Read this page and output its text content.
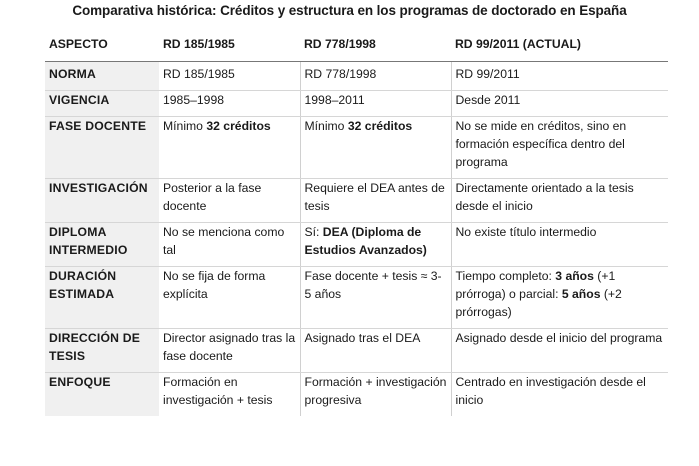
Comparativa histórica: Créditos y estructura en los programas de doctorado en España
ASPECTO	RD 185/1985	RD 778/1998	RD 99/2011 (ACTUAL)
NORMA	RD 185/1985	RD 778/1998	RD 99/2011
VIGENCIA	1985–1998	1998–2011	Desde 2011
FASE DOCENTE	Mínimo 32 créditos	Mínimo 32 créditos	No se mide en créditos, sino en formación específica dentro del programa
INVESTIGACIÓN	Posterior a la fase docente	Requiere el DEA antes de tesis	Directamente orientado a la tesis desde el inicio
DIPLOMA INTERMEDIO	No se menciona como tal	Sí: DEA (Diploma de Estudios Avanzados)	No existe título intermedio
DURACIÓN ESTIMADA	No se fija de forma explícita	Fase docente + tesis ≈ 3-5 años	Tiempo completo: 3 años (+1 prórroga) o parcial: 5 años (+2 prórrogas)
DIRECCIÓN DE TESIS	Director asignado tras la fase docente	Asignado tras el DEA	Asignado desde el inicio del programa
ENFOQUE	Formación en investigación + tesis	Formación + investigación progresiva	Centrado en investigación desde el inicio
